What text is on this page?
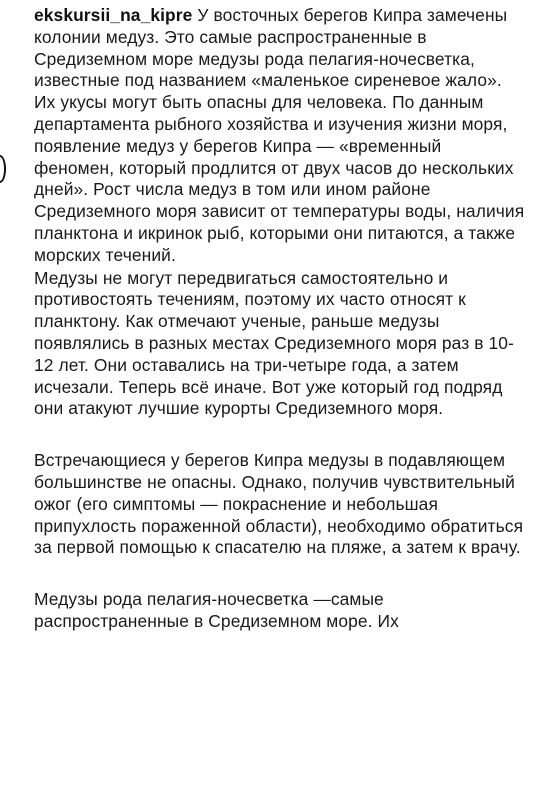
ekskursii_na_kipre У восточных берегов Кипра замечены колонии медуз. Это самые распространенные в Средиземном море медузы рода пелагия-ночесветка, известные под названием «маленькое сиреневое жало». Их укусы могут быть опасны для человека. По данным департамента рыбного хозяйства и изучения жизни моря, появление медуз у берегов Кипра — «временный феномен, который продлится от двух часов до нескольких дней». Рост числа медуз в том или ином районе Средиземного моря зависит от температуры воды, наличия планктона и икринок рыб, которыми они питаются, а также морских течений.
Медузы не могут передвигаться самостоятельно и противостоять течениям, поэтому их часто относят к планктону. Как отмечают ученые, раньше медузы появлялись в разных местах Средиземного моря раз в 10-12 лет. Они оставались на три-четыре года, а затем исчезали. Теперь всё иначе. Вот уже который год подряд они атакуют лучшие курорты Средиземного моря.
Встречающиеся у берегов Кипра медузы в подавляющем большинстве не опасны. Однако, получив чувствительный ожог (его симптомы — покраснение и небольшая припухлость пораженной области), необходимо обратиться за первой помощью к спасателю на пляже, а затем к врачу.
Медузы рода пелагия-ночесветка —самые распространенные в Средиземном море. Их
